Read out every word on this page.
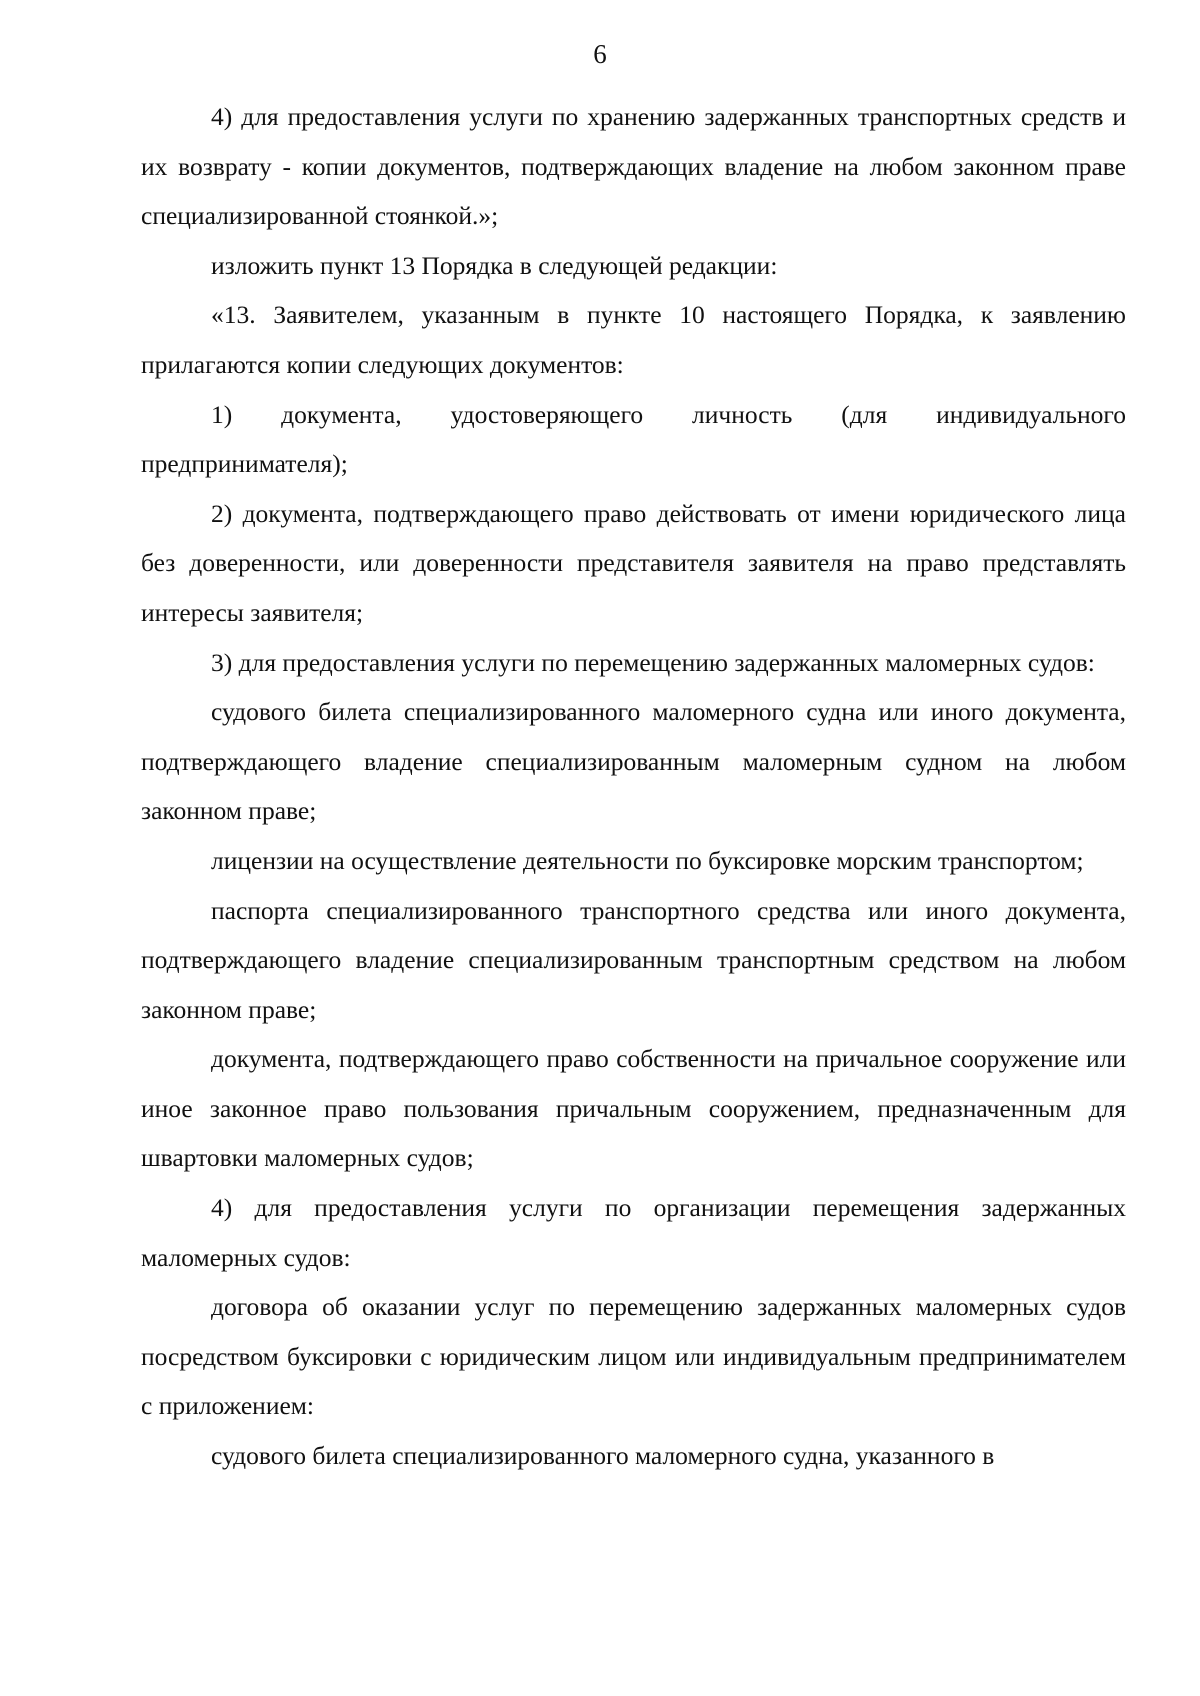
6

4) для предоставления услуги по хранению задержанных транспортных средств и их возврату - копии документов, подтверждающих владение на любом законном праве специализированной стоянкой.»;

изложить пункт 13 Порядка в следующей редакции:

«13. Заявителем, указанным в пункте 10 настоящего Порядка, к заявлению прилагаются копии следующих документов:

1) документа, удостоверяющего личность (для индивидуального предпринимателя);

2) документа, подтверждающего право действовать от имени юридического лица без доверенности, или доверенности представителя заявителя на право представлять интересы заявителя;

3) для предоставления услуги по перемещению задержанных маломерных судов:

судового билета специализированного маломерного судна или иного документа, подтверждающего владение специализированным маломерным судном на любом законном праве;

лицензии на осуществление деятельности по буксировке морским транспортом;

паспорта специализированного транспортного средства или иного документа, подтверждающего владение специализированным транспортным средством на любом законном праве;

документа, подтверждающего право собственности на причальное сооружение или иное законное право пользования причальным сооружением, предназначенным для швартовки маломерных судов;

4) для предоставления услуги по организации перемещения задержанных маломерных судов:

договора об оказании услуг по перемещению задержанных маломерных судов посредством буксировки с юридическим лицом или индивидуальным предпринимателем с приложением:

судового билета специализированного маломерного судна, указанного в
